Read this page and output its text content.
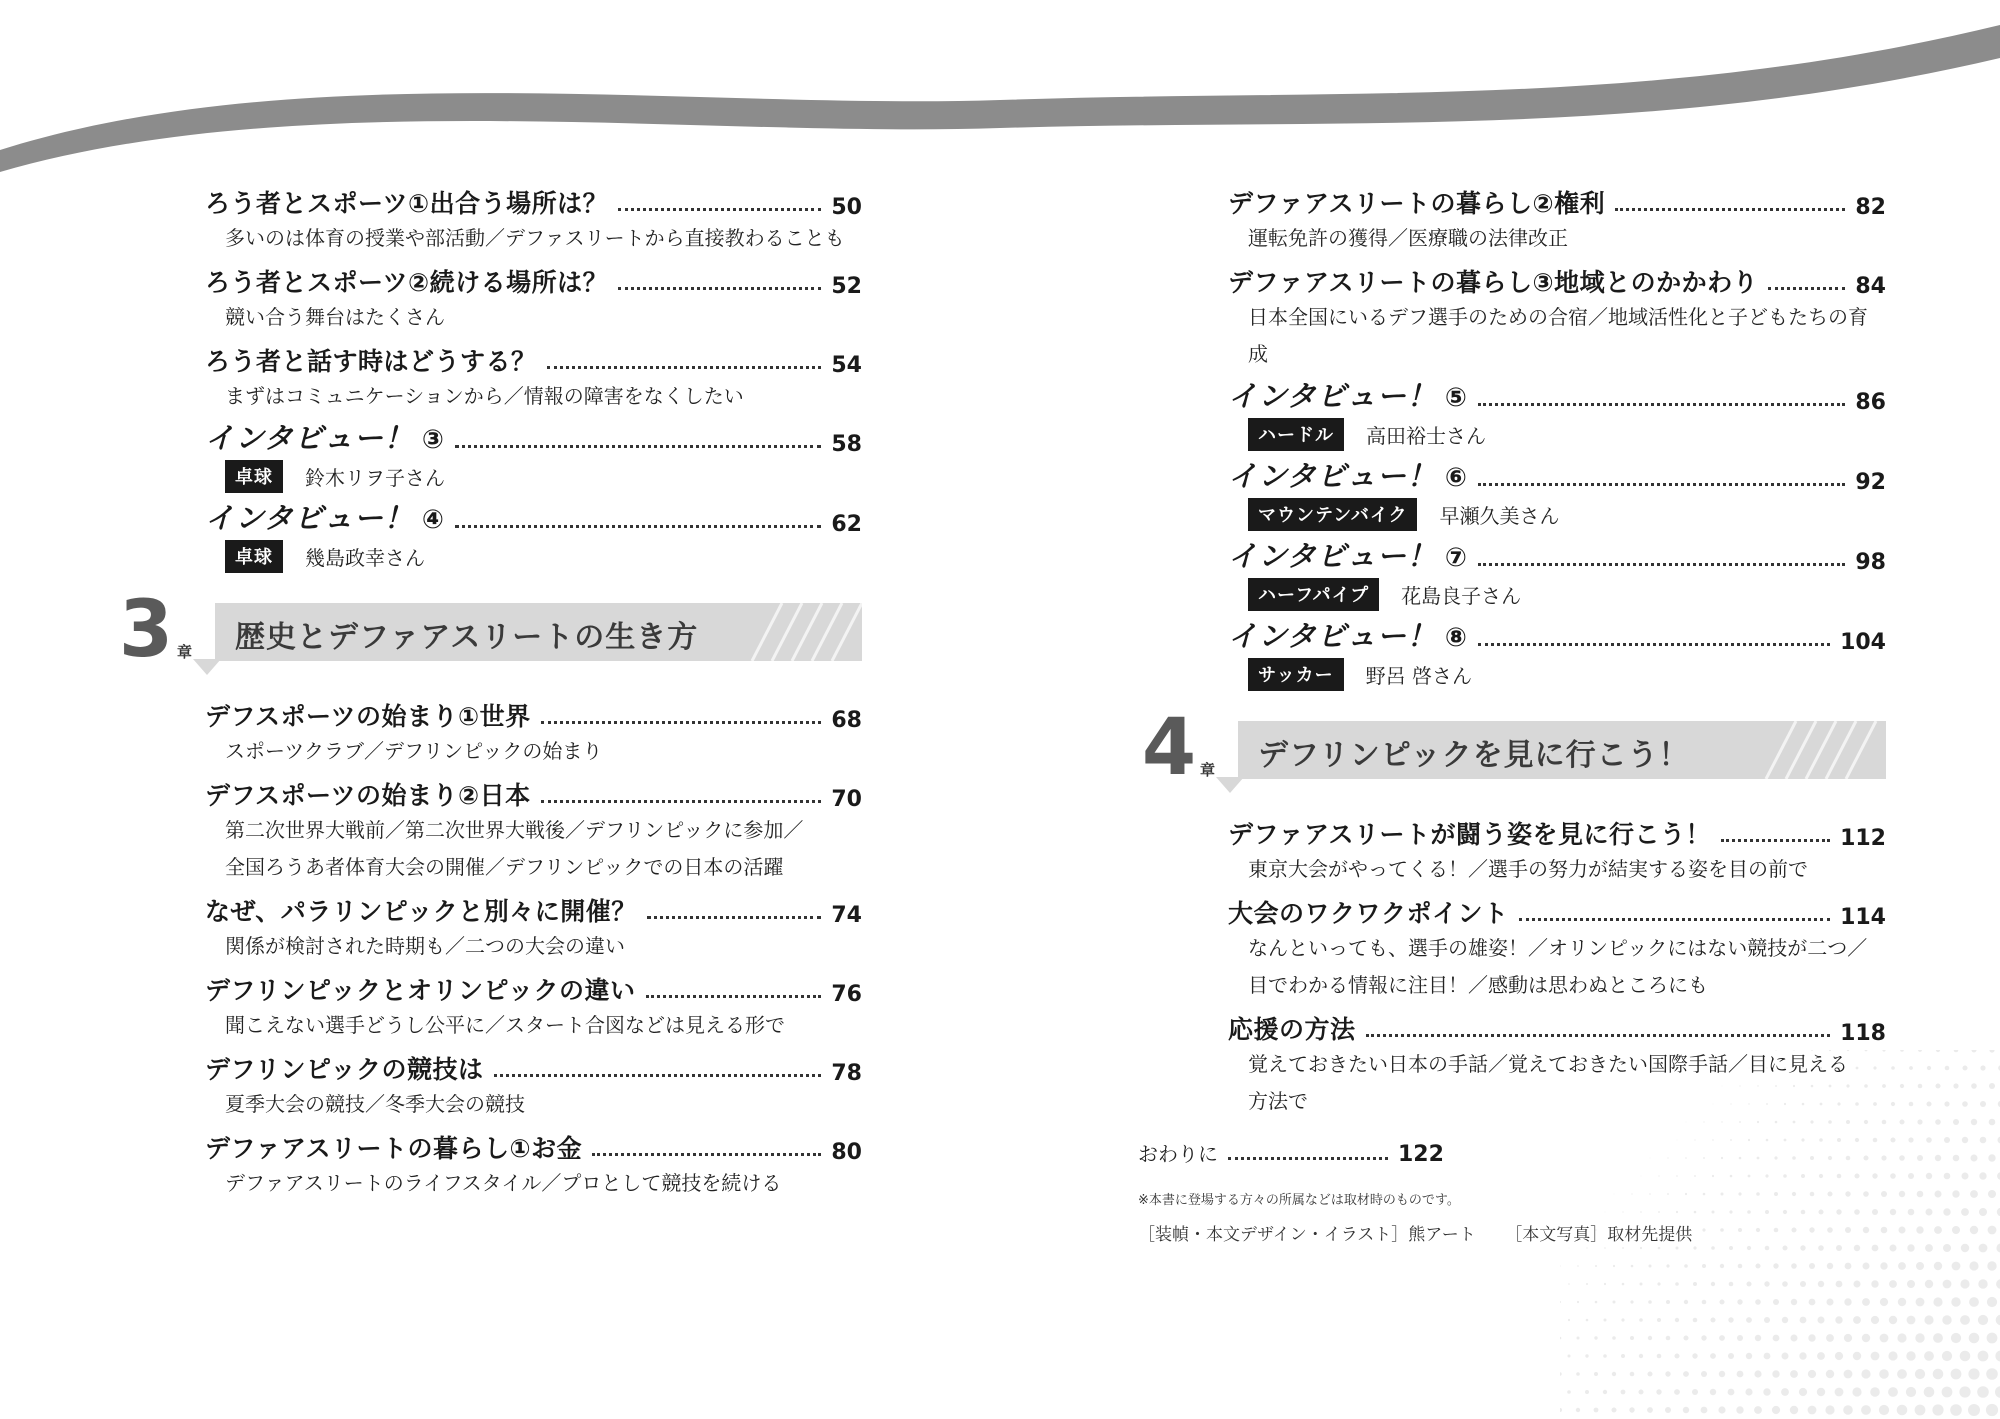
ろう者とスポーツ①出合う場所は？	50
多いのは体育の授業や部活動／デファスリートから直接教わることも
ろう者とスポーツ②続ける場所は？	52
競い合う舞台はたくさん
ろう者と話す時はどうする？	54
まずはコミュニケーションから／情報の障害をなくしたい
インタビュー！ ③	58
卓球	鈴木リヲ子さん
インタビュー！ ④	62
卓球	幾島政幸さん
3 章 歴史とデファアスリートの生き方
デフスポーツの始まり①世界	68
スポーツクラブ／デフリンピックの始まり
デフスポーツの始まり②日本	70
第二次世界大戦前／第二次世界大戦後／デフリンピックに参加／
全国ろうあ者体育大会の開催／デフリンピックでの日本の活躍
なぜ、パラリンピックと別々に開催？	74
関係が検討された時期も／二つの大会の違い
デフリンピックとオリンピックの違い	76
聞こえない選手どうし公平に／スタート合図などは見える形で
デフリンピックの競技は	78
夏季大会の競技／冬季大会の競技
デファアスリートの暮らし①お金	80
デファアスリートのライフスタイル／プロとして競技を続ける
デファアスリートの暮らし②権利	82
運転免許の獲得／医療職の法律改正
デファアスリートの暮らし③地域とのかかわり	84
日本全国にいるデフ選手のための合宿／地域活性化と子どもたちの育成
インタビュー！ ⑤	86
ハードル	高田裕士さん
インタビュー！ ⑥	92
マウンテンバイク	早瀬久美さん
インタビュー！ ⑦	98
ハーフパイプ	花島良子さん
インタビュー！ ⑧	104
サッカー	野呂 啓さん
4 章 デフリンピックを見に行こう！
デファアスリートが闘う姿を見に行こう！	112
東京大会がやってくる！／選手の努力が結実する姿を目の前で
大会のワクワクポイント	114
なんといっても、選手の雄姿！／オリンピックにはない競技が二つ／
目でわかる情報に注目！／感動は思わぬところにも
応援の方法	118
覚えておきたい日本の手話／覚えておきたい国際手話／目に見える
方法で
おわりに	122
※本書に登場する方々の所属などは取材時のものです。
［装幀・本文デザイン・イラスト］熊アート ［本文写真］取材先提供
